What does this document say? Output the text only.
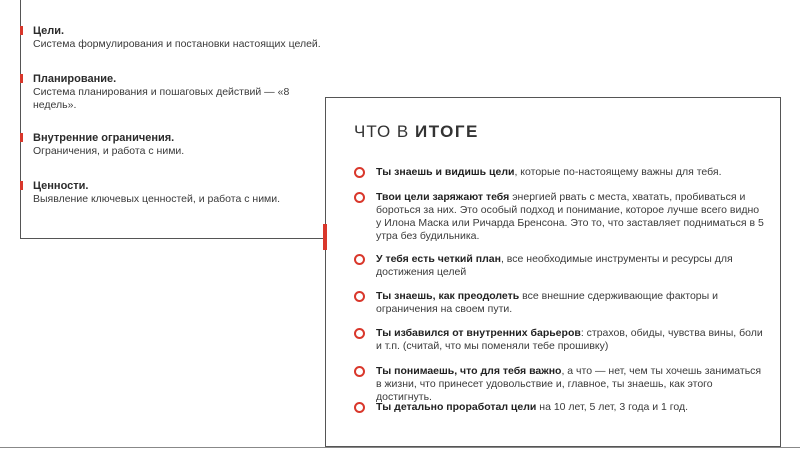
Цели.
Система формулирования и постановки настоящих целей.
Планирование.
Система планирования и пошаговых действий — «8 недель».
Внутренние ограничения.
Ограничения, и работа с ними.
Ценности.
Выявление ключевых ценностей, и работа с ними.
ЧТО В ИТОГЕ
Ты знаешь и видишь цели, которые по-настоящему важны для тебя.
Твои цели заряжают тебя энергией рвать с места, хватать, пробиваться и бороться за них. Это особый подход и понимание, которое лучше всего видно у Илона Маска или Ричарда Бренсона. Это то, что заставляет подниматься в 5 утра без будильника.
У тебя есть четкий план, все необходимые инструменты и ресурсы для достижения целей
Ты знаешь, как преодолеть все внешние сдерживающие факторы и ограничения на своем пути.
Ты избавился от внутренних барьеров: страхов, обиды, чувства вины, боли и т.п. (считай, что мы поменяли тебе прошивку)
Ты понимаешь, что для тебя важно, а что — нет, чем ты хочешь заниматься в жизни, что принесет удовольствие и, главное, ты знаешь, как этого достигнуть.
Ты детально проработал цели на 10 лет, 5 лет, 3 года и 1 год.
